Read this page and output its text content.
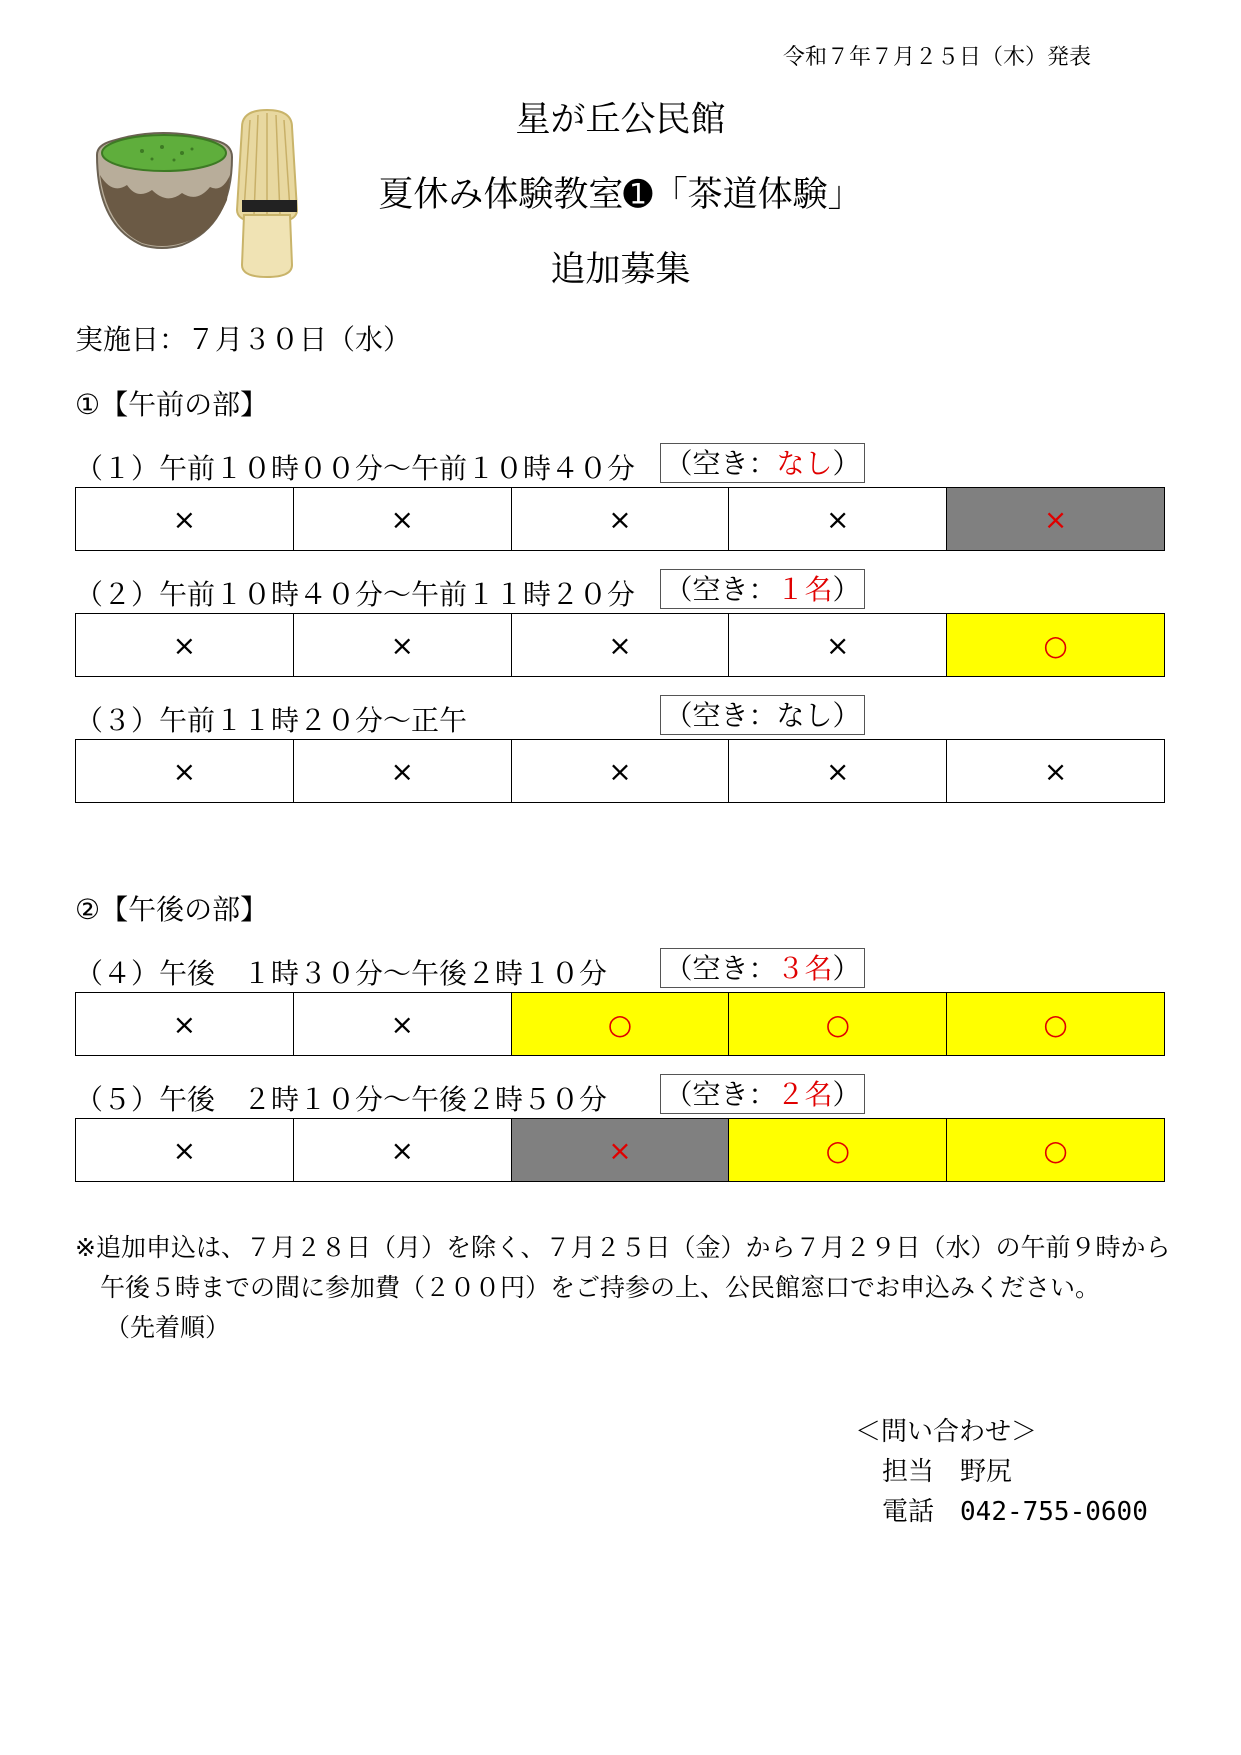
令和７年７月２５日（木）発表
星が丘公民館
夏休み体験教室➊「茶道体験」
追加募集
実施日：７月３０日（水）
①【午前の部】
（１）午前１０時００分～午前１０時４０分 （空き：なし）
×	×	×	×	×
（２）午前１０時４０分～午前１１時２０分 （空き：１名）
×	×	×	×	○
（３）午前１１時２０分～正午	（空き：なし）
×	×	×	×	×
②【午後の部】
（４）午後　１時３０分～午後２時１０分 （空き：３名）
×	×	○	○	○
（５）午後　２時１０分～午後２時５０分 （空き：２名）
×	×	×	○	○
※追加申込は、７月２８日（月）を除く、７月２５日（金）から７月２９日（水）の午前９時から
午後５時までの間に参加費（２００円）をご持参の上、公民館窓口でお申込みください。
（先着順）
＜問い合わせ＞
担当　野尻
電話　042-755-0600
